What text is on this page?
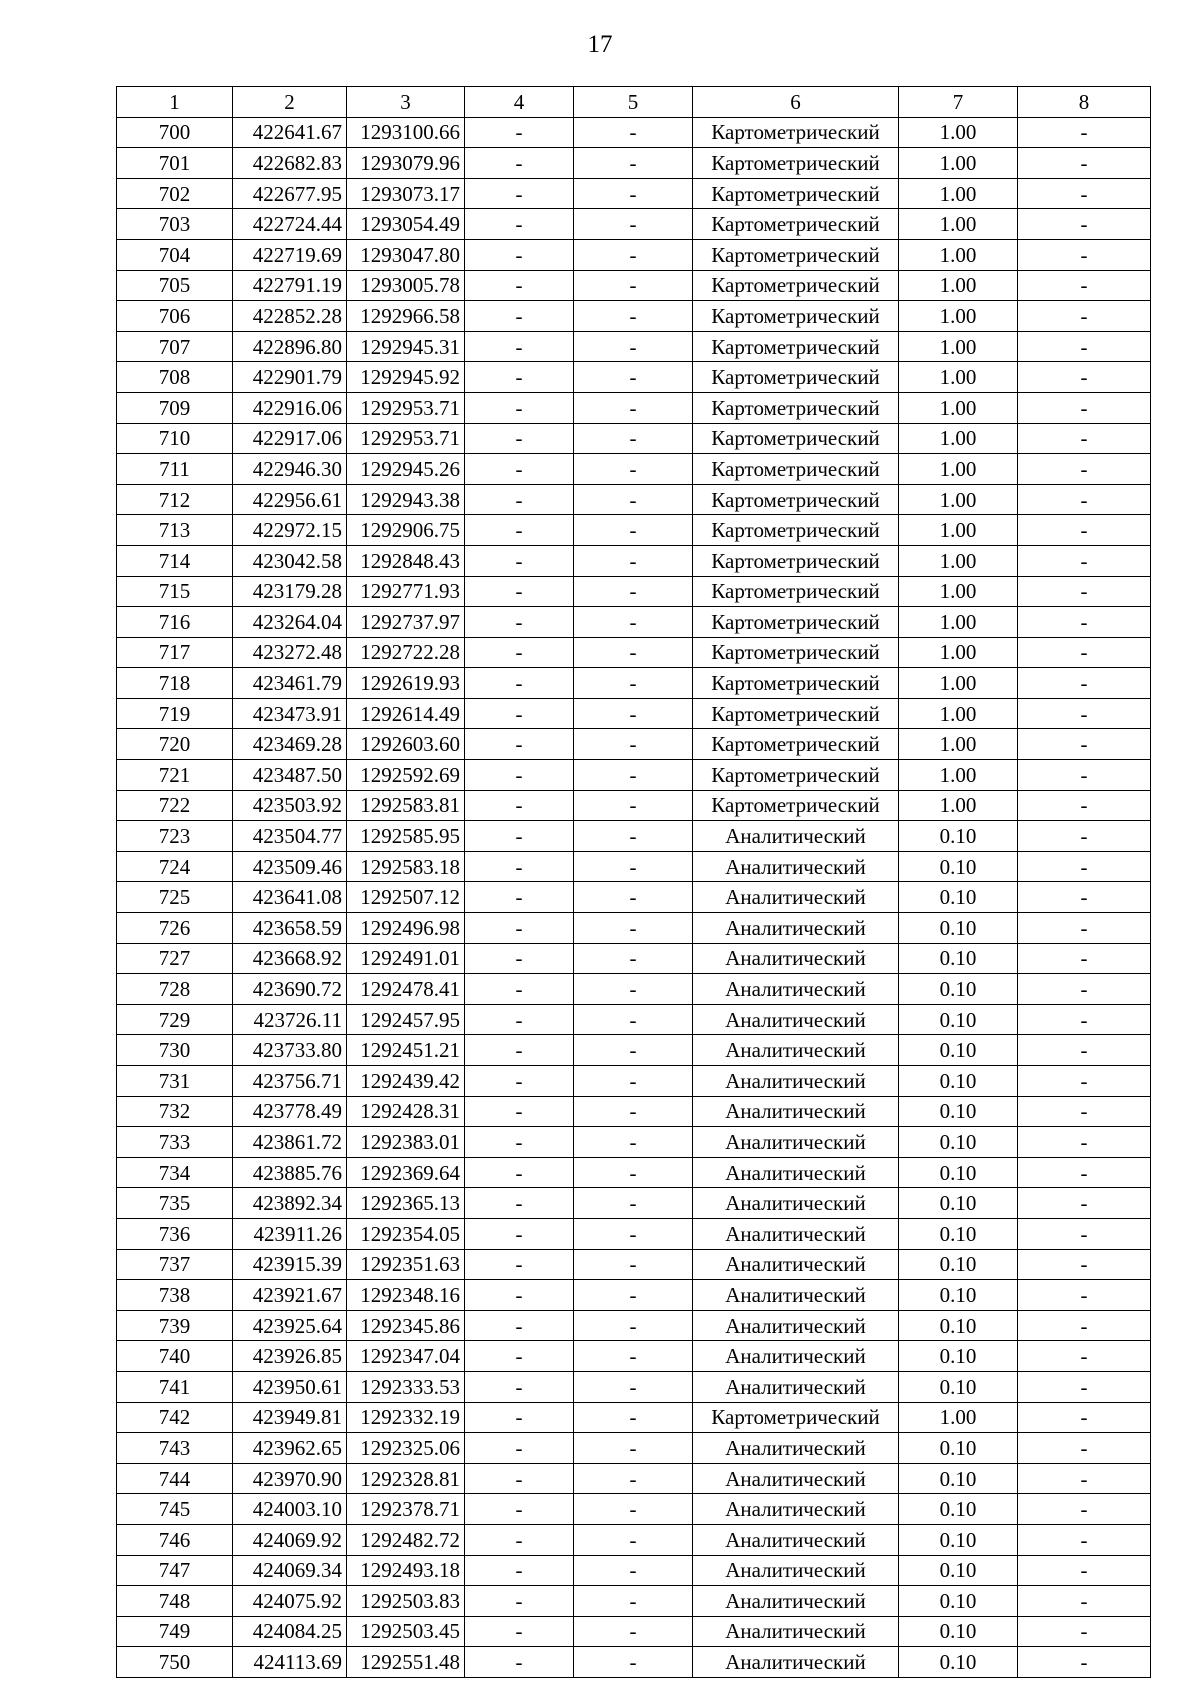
17
1	2	3	4	5	6	7	8
700	422641.67	1293100.66	-	-	Картометрический	1.00	-
701	422682.83	1293079.96	-	-	Картометрический	1.00	-
702	422677.95	1293073.17	-	-	Картометрический	1.00	-
703	422724.44	1293054.49	-	-	Картометрический	1.00	-
704	422719.69	1293047.80	-	-	Картометрический	1.00	-
705	422791.19	1293005.78	-	-	Картометрический	1.00	-
706	422852.28	1292966.58	-	-	Картометрический	1.00	-
707	422896.80	1292945.31	-	-	Картометрический	1.00	-
708	422901.79	1292945.92	-	-	Картометрический	1.00	-
709	422916.06	1292953.71	-	-	Картометрический	1.00	-
710	422917.06	1292953.71	-	-	Картометрический	1.00	-
711	422946.30	1292945.26	-	-	Картометрический	1.00	-
712	422956.61	1292943.38	-	-	Картометрический	1.00	-
713	422972.15	1292906.75	-	-	Картометрический	1.00	-
714	423042.58	1292848.43	-	-	Картометрический	1.00	-
715	423179.28	1292771.93	-	-	Картометрический	1.00	-
716	423264.04	1292737.97	-	-	Картометрический	1.00	-
717	423272.48	1292722.28	-	-	Картометрический	1.00	-
718	423461.79	1292619.93	-	-	Картометрический	1.00	-
719	423473.91	1292614.49	-	-	Картометрический	1.00	-
720	423469.28	1292603.60	-	-	Картометрический	1.00	-
721	423487.50	1292592.69	-	-	Картометрический	1.00	-
722	423503.92	1292583.81	-	-	Картометрический	1.00	-
723	423504.77	1292585.95	-	-	Аналитический	0.10	-
724	423509.46	1292583.18	-	-	Аналитический	0.10	-
725	423641.08	1292507.12	-	-	Аналитический	0.10	-
726	423658.59	1292496.98	-	-	Аналитический	0.10	-
727	423668.92	1292491.01	-	-	Аналитический	0.10	-
728	423690.72	1292478.41	-	-	Аналитический	0.10	-
729	423726.11	1292457.95	-	-	Аналитический	0.10	-
730	423733.80	1292451.21	-	-	Аналитический	0.10	-
731	423756.71	1292439.42	-	-	Аналитический	0.10	-
732	423778.49	1292428.31	-	-	Аналитический	0.10	-
733	423861.72	1292383.01	-	-	Аналитический	0.10	-
734	423885.76	1292369.64	-	-	Аналитический	0.10	-
735	423892.34	1292365.13	-	-	Аналитический	0.10	-
736	423911.26	1292354.05	-	-	Аналитический	0.10	-
737	423915.39	1292351.63	-	-	Аналитический	0.10	-
738	423921.67	1292348.16	-	-	Аналитический	0.10	-
739	423925.64	1292345.86	-	-	Аналитический	0.10	-
740	423926.85	1292347.04	-	-	Аналитический	0.10	-
741	423950.61	1292333.53	-	-	Аналитический	0.10	-
742	423949.81	1292332.19	-	-	Картометрический	1.00	-
743	423962.65	1292325.06	-	-	Аналитический	0.10	-
744	423970.90	1292328.81	-	-	Аналитический	0.10	-
745	424003.10	1292378.71	-	-	Аналитический	0.10	-
746	424069.92	1292482.72	-	-	Аналитический	0.10	-
747	424069.34	1292493.18	-	-	Аналитический	0.10	-
748	424075.92	1292503.83	-	-	Аналитический	0.10	-
749	424084.25	1292503.45	-	-	Аналитический	0.10	-
750	424113.69	1292551.48	-	-	Аналитический	0.10	-
